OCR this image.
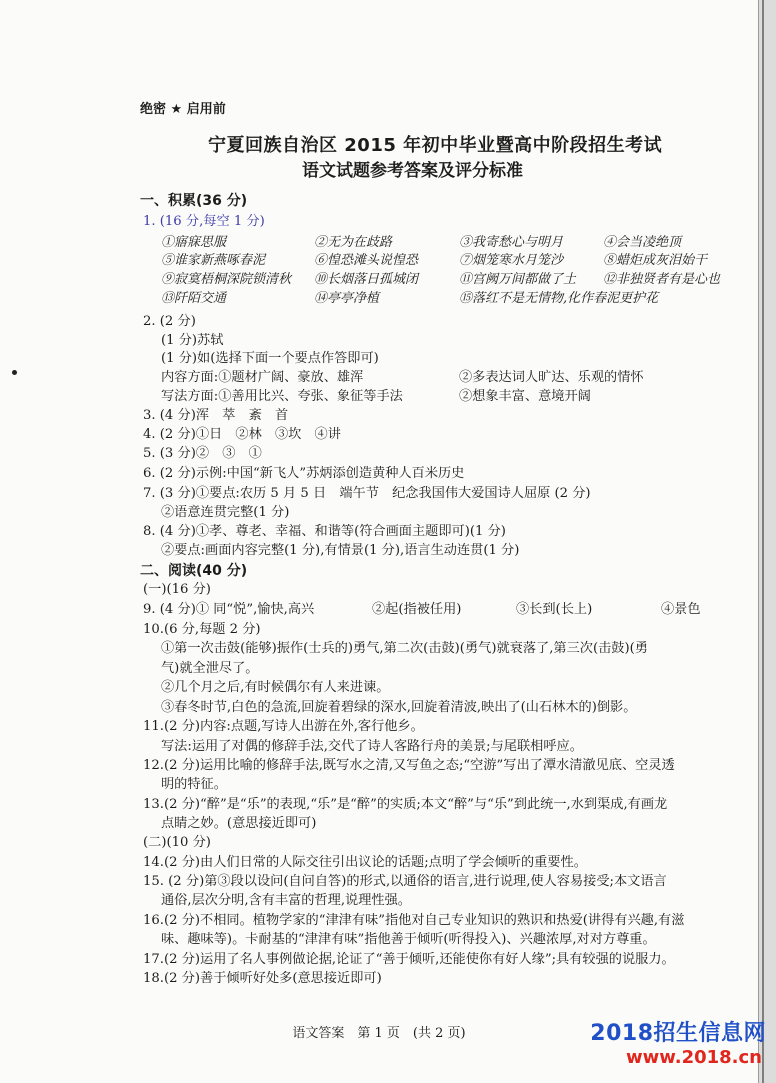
绝密 ★ 启用前
宁夏回族自治区 2015 年初中毕业暨高中阶段招生考试
语文试题参考答案及评分标准
一、积累(36 分)
1. (16 分,每空 1 分)
①寤寐思服	②无为在歧路	③我寄愁心与明月	④会当凌绝顶
⑤谁家新燕啄春泥	⑥惶恐滩头说惶恐	⑦烟笼寒水月笼沙	⑧蜡炬成灰泪始干
⑨寂寞梧桐深院锁清秋 ⑩长烟落日孤城闭	⑪宫阙万间都做了土 ⑫非独贤者有是心也
⑬阡陌交通	⑭亭亭净植	⑮落红不是无情物,化作春泥更护花
2. (2 分)
(1 分)苏轼
(1 分)如(选择下面一个要点作答即可)
内容方面:①题材广阔、豪放、雄浑	②多表达词人旷达、乐观的情怀
写法方面:①善用比兴、夸张、象征等手法	②想象丰富、意境开阔
3. (4 分)浑　萃　紊　首
4. (2 分)①日　②林　③坎　④讲
5. (3 分)②　③　①
6. (2 分)示例:中国“新飞人”苏炳添创造黄种人百米历史
7. (3 分)①要点:农历 5 月 5 日　端午节　纪念我国伟大爱国诗人屈原 (2 分)
②语意连贯完整(1 分)
8. (4 分)①孝、尊老、幸福、和谐等(符合画面主题即可)(1 分)
②要点:画面内容完整(1 分),有情景(1 分),语言生动连贯(1 分)
二、阅读(40 分)
(一)(16 分)
9. (4 分)① 同“悦”,愉快,高兴	②起(指被任用)	③长到(长上)	④景色
10.(6 分,每题 2 分)
①第一次击鼓(能够)振作(士兵的)勇气,第二次(击鼓)(勇气)就衰落了,第三次(击鼓)(勇
气)就全泄尽了。
②几个月之后,有时候偶尔有人来进谏。
③春冬时节,白色的急流,回旋着碧绿的深水,回旋着清波,映出了(山石林木的)倒影。
11.(2 分)内容:点题,写诗人出游在外,客行他乡。
写法:运用了对偶的修辞手法,交代了诗人客路行舟的美景;与尾联相呼应。
12.(2 分)运用比喻的修辞手法,既写水之清,又写鱼之态;“空游”写出了潭水清澈见底、空灵透
明的特征。
13.(2 分)“醉”是“乐”的表现,“乐”是“醉”的实质;本文“醉”与“乐”到此统一,水到渠成,有画龙
点睛之妙。(意思接近即可)
(二)(10 分)
14.(2 分)由人们日常的人际交往引出议论的话题;点明了学会倾听的重要性。
15. (2 分)第③段以设问(自问自答)的形式,以通俗的语言,进行说理,使人容易接受;本文语言
通俗,层次分明,含有丰富的哲理,说理性强。
16.(2 分)不相同。植物学家的“津津有味”指他对自己专业知识的熟识和热爱(讲得有兴趣,有滋
味、趣味等)。卡耐基的“津津有味”指他善于倾听(听得投入)、兴趣浓厚,对对方尊重。
17.(2 分)运用了名人事例做论据,论证了“善于倾听,还能使你有好人缘”;具有较强的说服力。
18.(2 分)善于倾听好处多(意思接近即可)
语文答案　第 1 页　(共 2 页)	2018招生信息网
www.2018.cn
